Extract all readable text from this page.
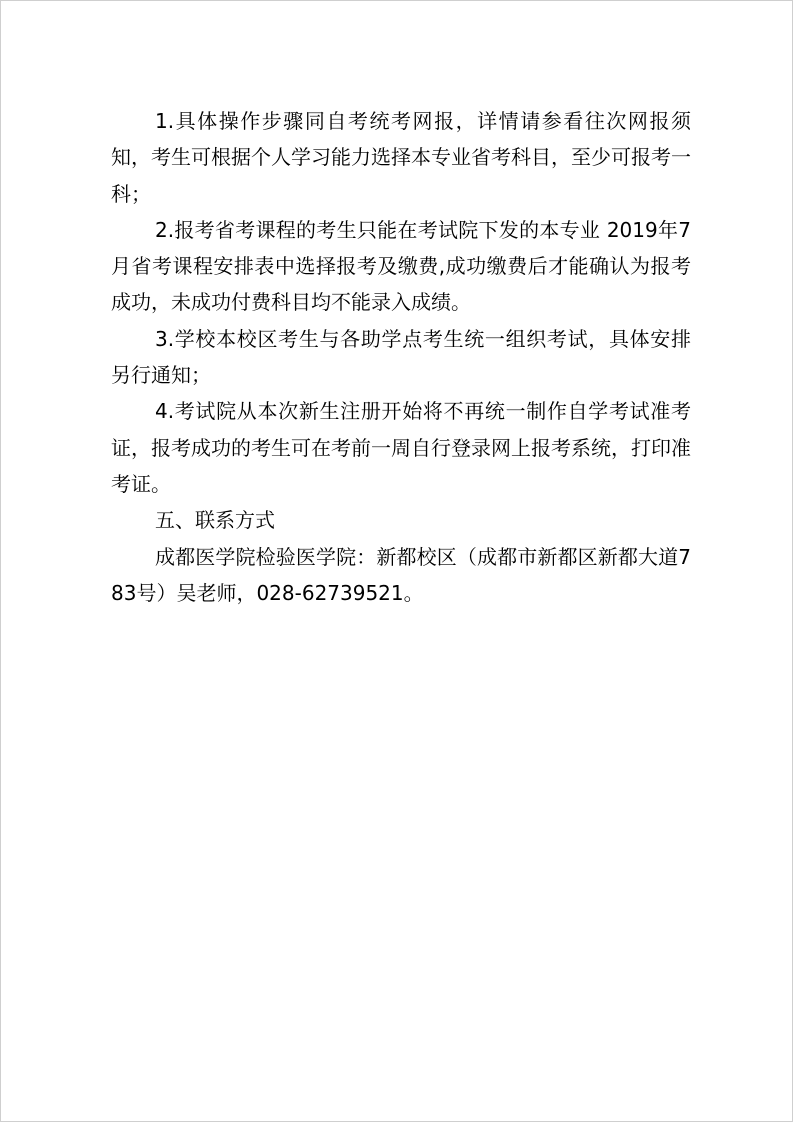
1.具体操作步骤同自考统考网报，详情请参看往次网报须知，考生可根据个人学习能力选择本专业省考科目，至少可报考一科；

2.报考省考课程的考生只能在考试院下发的本专业 2019年7月省考课程安排表中选择报考及缴费,成功缴费后才能确认为报考成功，未成功付费科目均不能录入成绩。

3.学校本校区考生与各助学点考生统一组织考试，具体安排另行通知；

4.考试院从本次新生注册开始将不再统一制作自学考试准考证，报考成功的考生可在考前一周自行登录网上报考系统，打印准考证。

五、联系方式

成都医学院检验医学院：新都校区（成都市新都区新都大道783号）吴老师，028-62739521。
